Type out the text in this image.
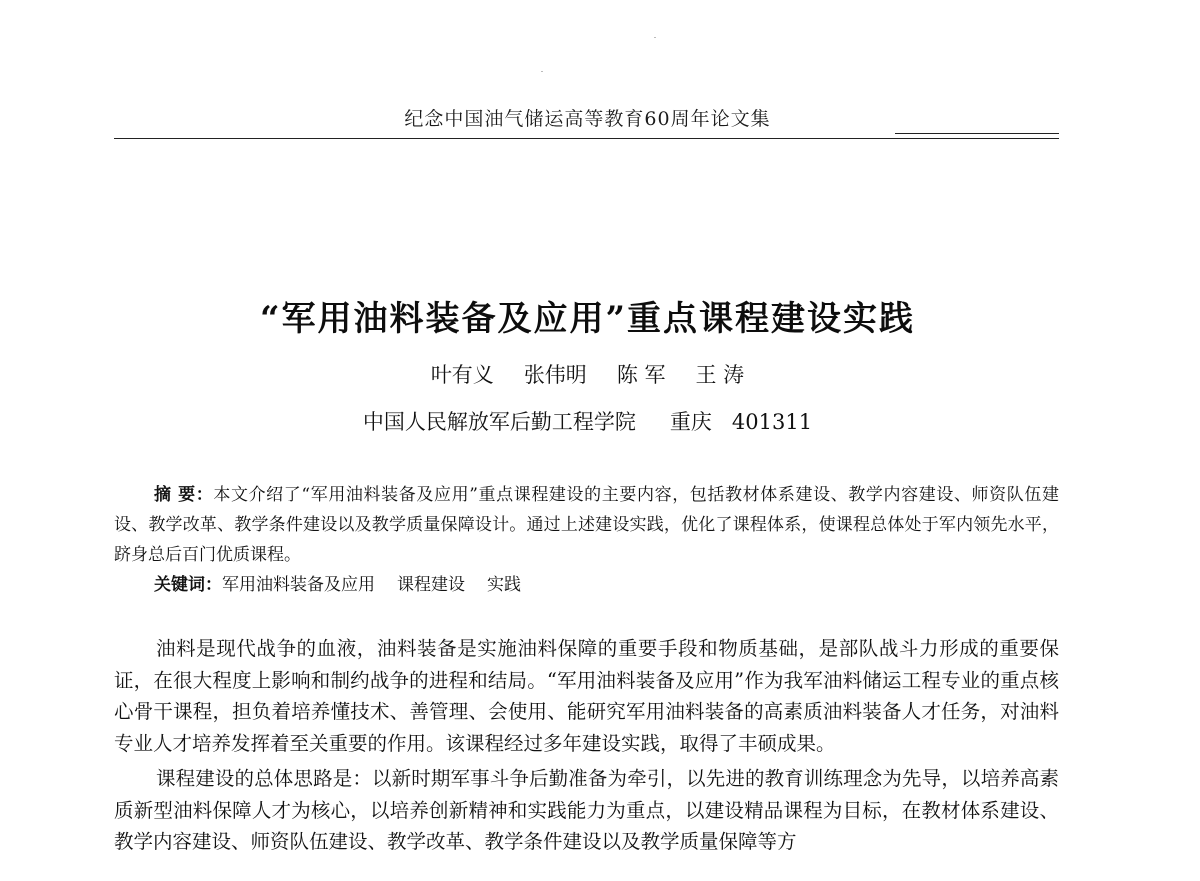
纪念中国油气储运高等教育60周年论文集
“军用油料装备及应用”重点课程建设实践
叶有义 张伟明 陈 军 王 涛
中国人民解放军后勤工程学院 重庆 401311

摘 要：本文介绍了“军用油料装备及应用”重点课程建设的主要内容，包括教材体系建设、教学内容建设、师资队伍建设、教学改革、教学条件建设以及教学质量保障设计。通过上述建设实践，优化了课程体系，使课程总体处于军内领先水平，跻身总后百门优质课程。

关键词：军用油料装备及应用 课程建设 实践

油料是现代战争的血液，油料装备是实施油料保障的重要手段和物质基础，是部队战斗力形成的重要保证，在很大程度上影响和制约战争的进程和结局。“军用油料装备及应用”作为我军油料储运工程专业的重点核心骨干课程，担负着培养懂技术、善管理、会使用、能研究军用油料装备的高素质油料装备人才任务，对油料专业人才培养发挥着至关重要的作用。该课程经过多年建设实践，取得了丰硕成果。

课程建设的总体思路是：以新时期军事斗争后勤准备为牵引，以先进的教育训练理念为先导，以培养高素质新型油料保障人才为核心，以培养创新精神和实践能力为重点，以建设精品课程为目标，在教材体系建设、教学内容建设、师资队伍建设、教学改革、教学条件建设以及教学质量保障等方
